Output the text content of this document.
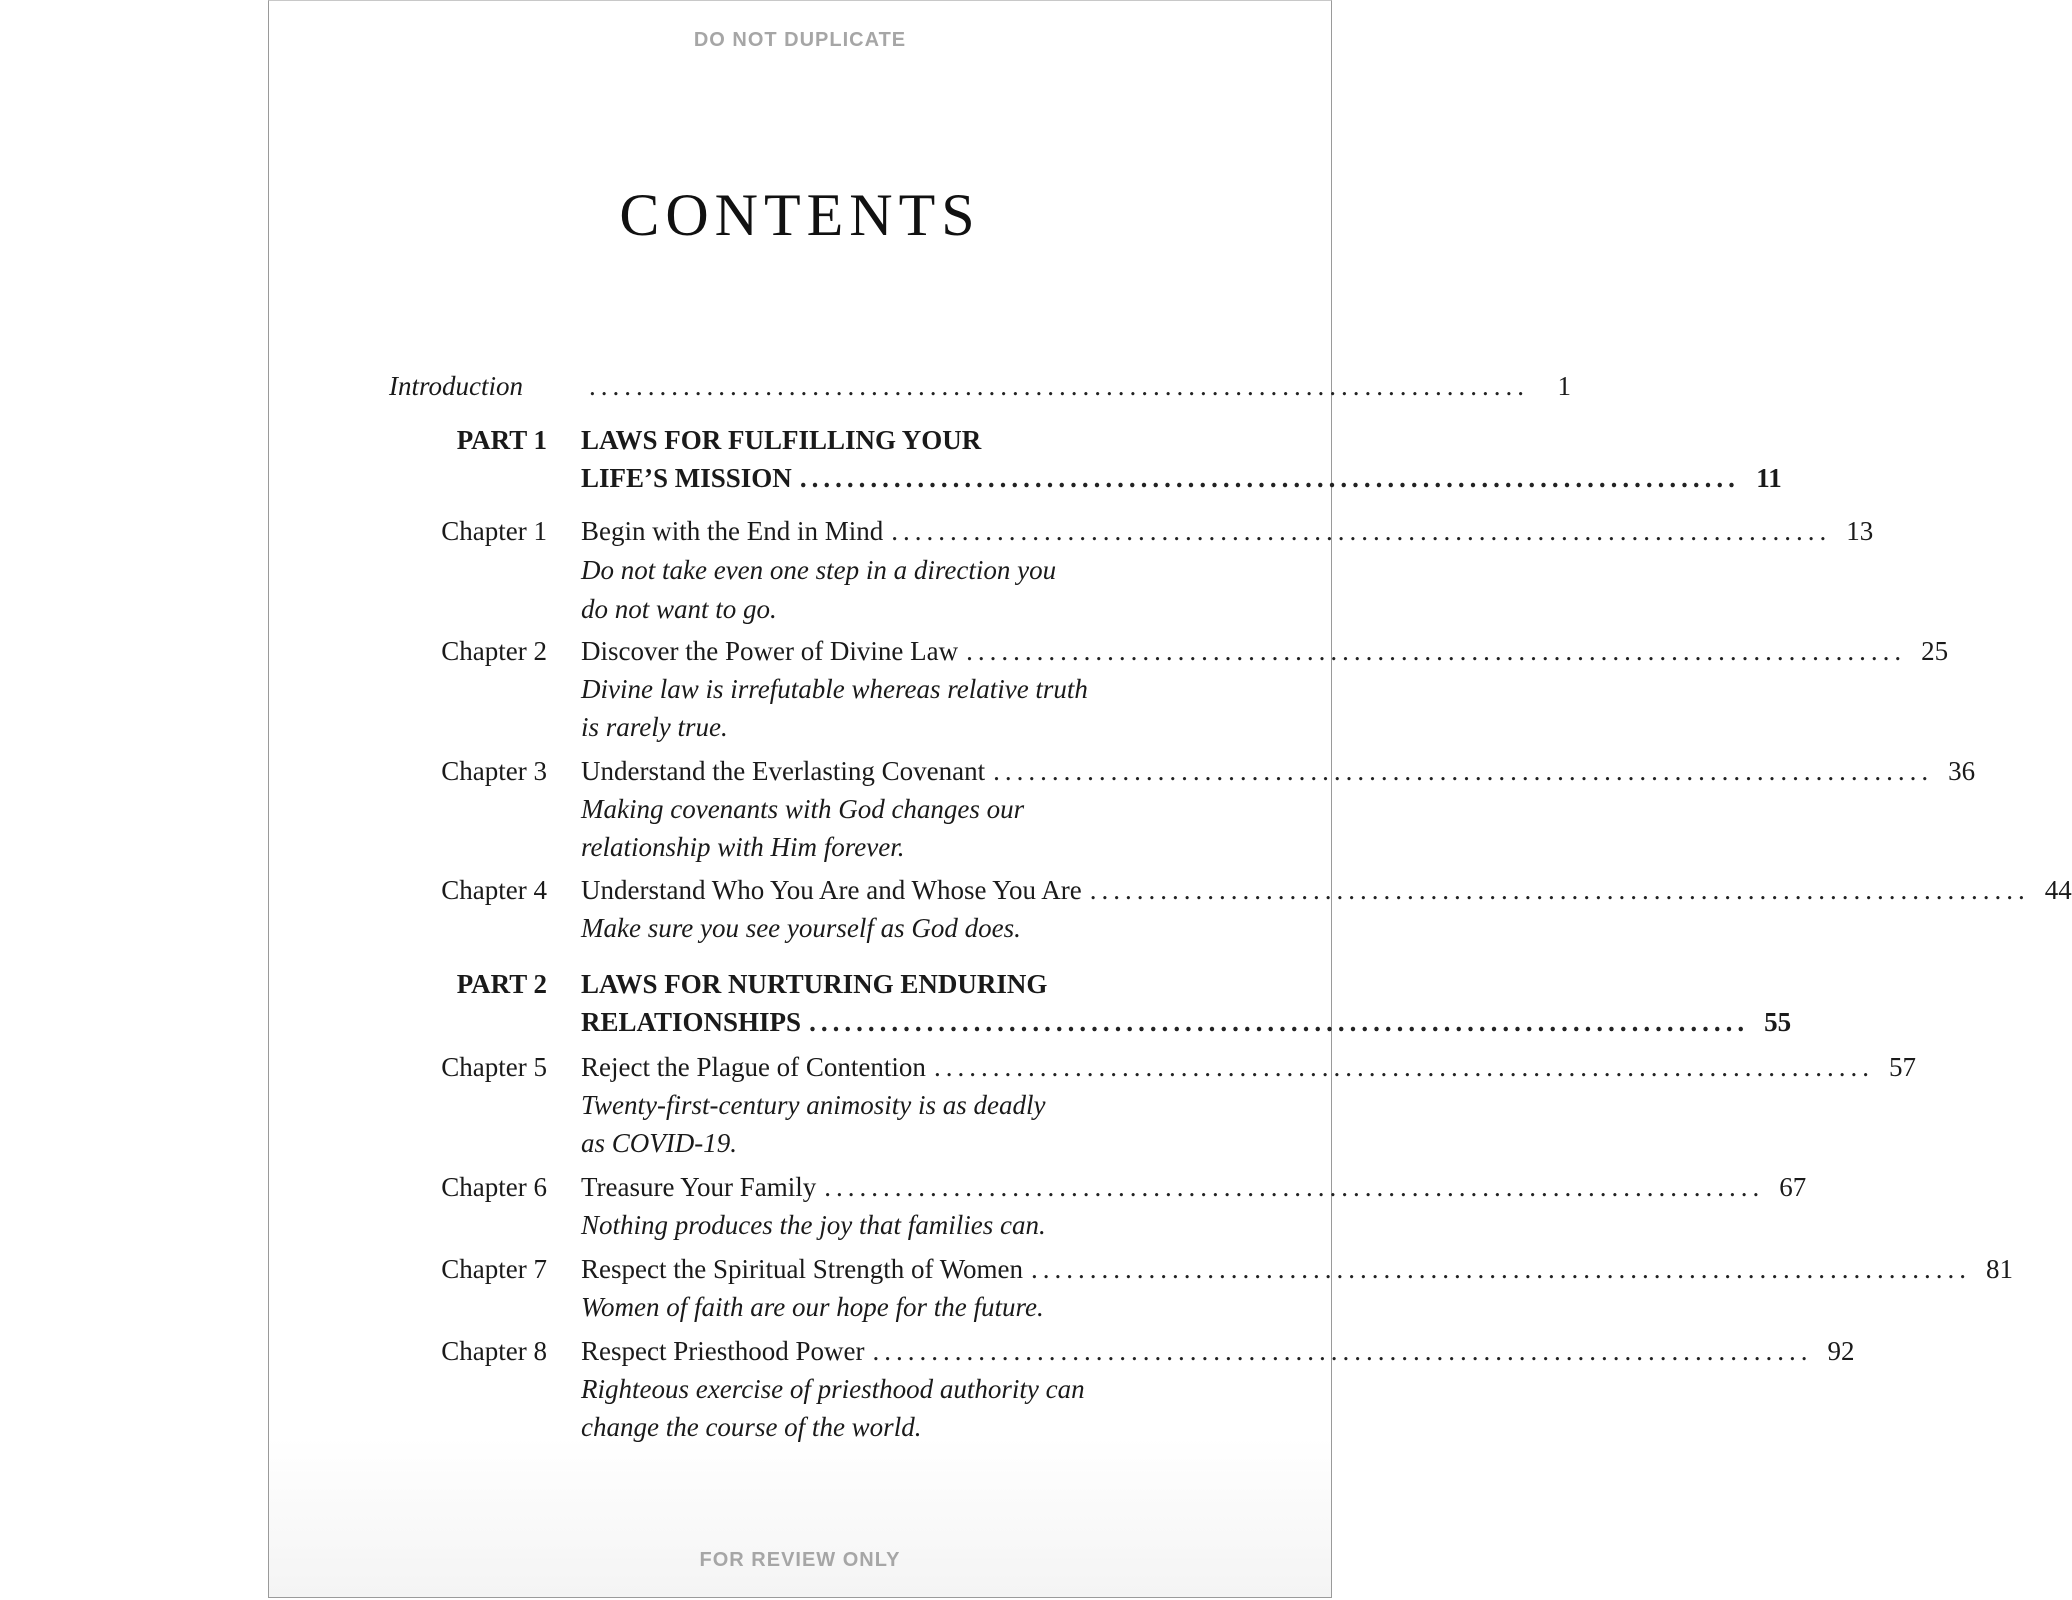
DO NOT DUPLICATE
CONTENTS
Introduction	................................................................................	1
PART 1 LAWS FOR FULFILLING YOUR
LIFE’S MISSION ................................................................................ 11
Chapter 1 Begin with the End in Mind ................................................................................ 13
Do not take even one step in a direction you
do not want to go.
Chapter 2 Discover the Power of Divine Law ................................................................................ 25
Divine law is irrefutable whereas relative truth
is rarely true.
Chapter 3 Understand the Everlasting Covenant ................................................................................ 36
Making covenants with God changes our
relationship with Him forever.
Chapter 4 Understand Who You Are and Whose You Are ................................................................................ 44
Make sure you see yourself as God does.
PART 2 LAWS FOR NURTURING ENDURING
RELATIONSHIPS ................................................................................ 55
Chapter 5 Reject the Plague of Contention ................................................................................ 57
Twenty-first-century animosity is as deadly
as COVID-19.
Chapter 6 Treasure Your Family ................................................................................ 67
Nothing produces the joy that families can.
Chapter 7 Respect the Spiritual Strength of Women ................................................................................ 81
Women of faith are our hope for the future.
Chapter 8 Respect Priesthood Power ................................................................................ 92
Righteous exercise of priesthood authority can
change the course of the world.
FOR REVIEW ONLY
